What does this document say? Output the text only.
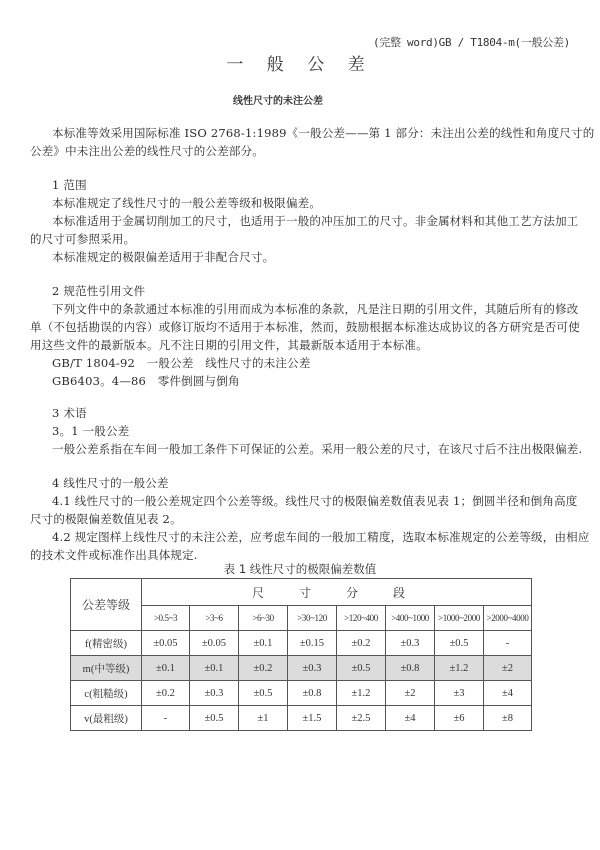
(完整 word)GB / T1804-m(一般公差)
一 般 公 差
线性尺寸的未注公差
本标准等效采用国际标准 ISO 2768-1:1989《一般公差——第 1 部分：未注出公差的线性和角度尺寸的
公差》中未注出公差的线性尺寸的公差部分。
1 范围
本标准规定了线性尺寸的一般公差等级和极限偏差。
本标准适用于金属切削加工的尺寸，也适用于一般的冲压加工的尺寸。非金属材料和其他工艺方法加工
的尺寸可参照采用。
本标准规定的极限偏差适用于非配合尺寸。
2 规范性引用文件
下列文件中的条款通过本标准的引用而成为本标准的条款，凡是注日期的引用文件，其随后所有的修改
单（不包括勘误的内容）或修订版均不适用于本标准，然而，鼓励根据本标准达成协议的各方研究是否可使
用这些文件的最新版本。凡不注日期的引用文件，其最新版本适用于本标准。
GB/T 1804-92　一般公差　线性尺寸的未注公差
GB6403。4—86　零件倒圆与倒角
3 术语
3。1 一般公差
一般公差系指在车间一般加工条件下可保证的公差。采用一般公差的尺寸，在该尺寸后不注出极限偏差.
4 线性尺寸的一般公差
4.1 线性尺寸的一般公差规定四个公差等级。线性尺寸的极限偏差数值表见表 1；倒圆半径和倒角高度
尺寸的极限偏差数值见表 2。
4.2 规定图样上线性尺寸的未注公差，应考虑车间的一般加工精度，选取本标准规定的公差等级，由相应
的技术文件或标准作出具体规定.
公差等级	尺 寸 分 段							
	>0.5~3	>3~6	>6~30	>30~120	>120~400	>400~1000	>1000~2000	>2000~4000
f(精密级)	±0.05	±0.05	±0.1	±0.15	±0.2	±0.3	±0.5	-
m(中等级)	±0.1	±0.1	±0.2	±0.3	±0.5	±0.8	±1.2	±2
c(粗糙级)	±0.2	±0.3	±0.5	±0.8	±1.2	±2	±3	±4
v(最粗级)	-	±0.5	±1	±1.5	±2.5	±4	±6	±8
表 1 线性尺寸的极限偏差数值
